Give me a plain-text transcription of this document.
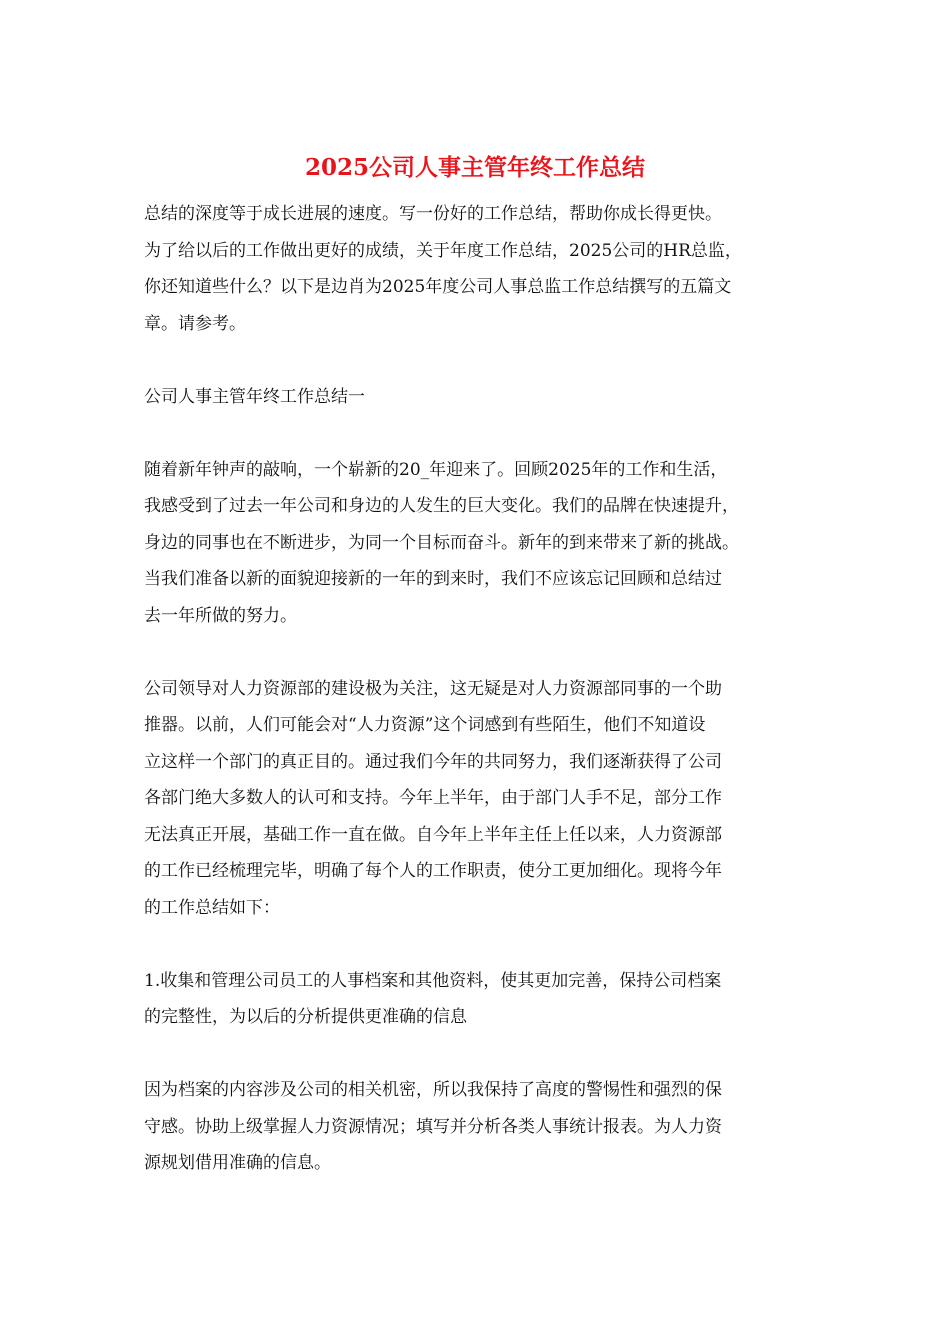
2025公司人事主管年终工作总结
总结的深度等于成长进展的速度。写一份好的工作总结，帮助你成长得更快。
为了给以后的工作做出更好的成绩，关于年度工作总结，2025公司的HR总监，
你还知道些什么？以下是边肖为2025年度公司人事总监工作总结撰写的五篇文
章。请参考。
公司人事主管年终工作总结一
随着新年钟声的敲响，一个崭新的20_年迎来了。回顾2025年的工作和生活，
我感受到了过去一年公司和身边的人发生的巨大变化。我们的品牌在快速提升，
身边的同事也在不断进步，为同一个目标而奋斗。新年的到来带来了新的挑战。
当我们准备以新的面貌迎接新的一年的到来时，我们不应该忘记回顾和总结过
去一年所做的努力。
公司领导对人力资源部的建设极为关注，这无疑是对人力资源部同事的一个助
推器。以前，人们可能会对“人力资源”这个词感到有些陌生，他们不知道设
立这样一个部门的真正目的。通过我们今年的共同努力，我们逐渐获得了公司
各部门绝大多数人的认可和支持。今年上半年，由于部门人手不足，部分工作
无法真正开展，基础工作一直在做。自今年上半年主任上任以来，人力资源部
的工作已经梳理完毕，明确了每个人的工作职责，使分工更加细化。现将今年
的工作总结如下：
1.收集和管理公司员工的人事档案和其他资料，使其更加完善，保持公司档案
的完整性，为以后的分析提供更准确的信息
因为档案的内容涉及公司的相关机密，所以我保持了高度的警惕性和强烈的保
守感。协助上级掌握人力资源情况；填写并分析各类人事统计报表。为人力资
源规划借用准确的信息。
